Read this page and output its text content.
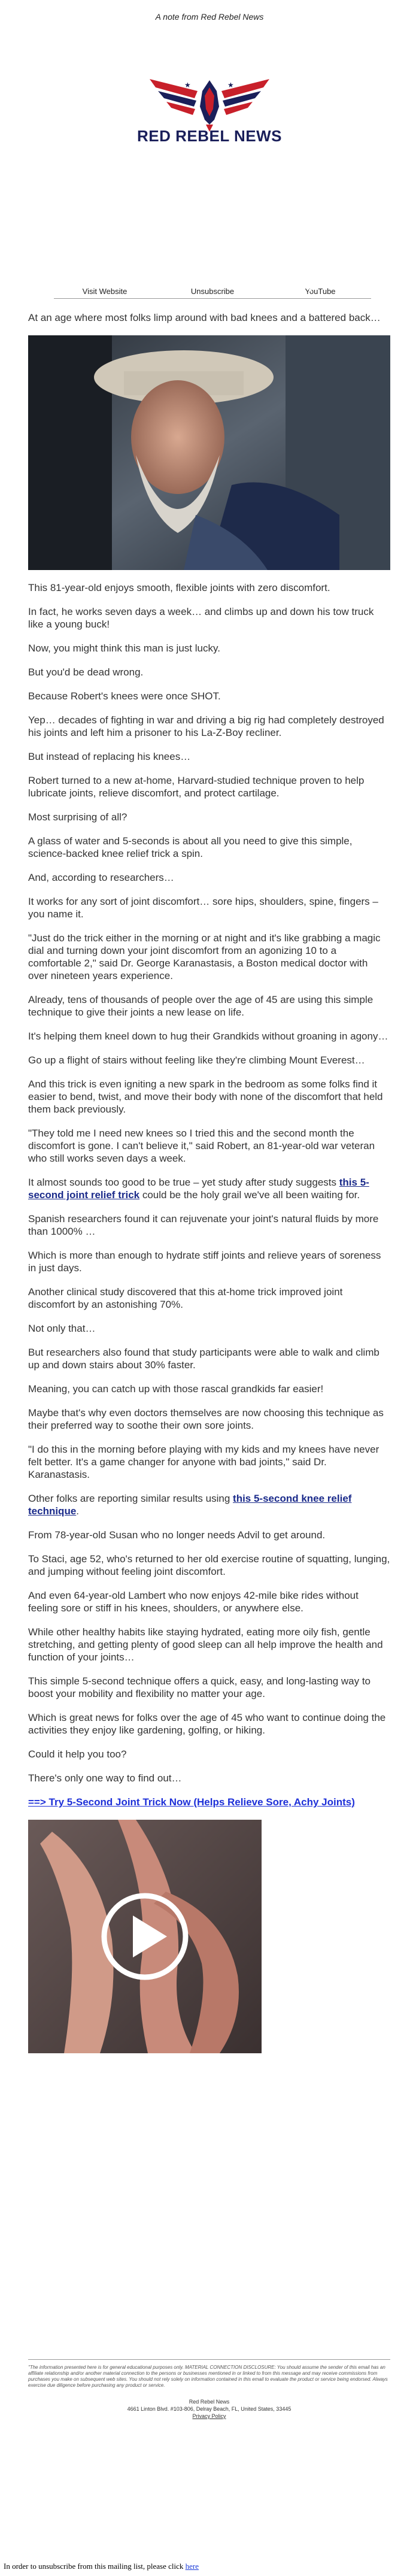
A note from Red Rebel News
★	★
RED REBEL NEWS
Visit Website	Unsubscribe	YouTube

At an age where most folks limp around with bad knees and a battered back…

This 81-year-old enjoys smooth, flexible joints with zero discomfort.

In fact, he works seven days a week… and climbs up and down his tow truck like a young buck!

Now, you might think this man is just lucky.

But you'd be dead wrong.

Because Robert's knees were once SHOT.

Yep… decades of fighting in war and driving a big rig had completely destroyed his joints and left him a prisoner to his La-Z-Boy recliner.

But instead of replacing his knees…

Robert turned to a new at-home, Harvard-studied technique proven to help lubricate joints, relieve discomfort, and protect cartilage.

Most surprising of all?

A glass of water and 5-seconds is about all you need to give this simple, science-backed knee relief trick a spin.

And, according to researchers…

It works for any sort of joint discomfort… sore hips, shoulders, spine, fingers – you name it.

"Just do the trick either in the morning or at night and it's like grabbing a magic dial and turning down your joint discomfort from an agonizing 10 to a comfortable 2," said Dr. George Karanastasis, a Boston medical doctor with over nineteen years experience.

Already, tens of thousands of people over the age of 45 are using this simple technique to give their joints a new lease on life.

It's helping them kneel down to hug their Grandkids without groaning in agony…

Go up a flight of stairs without feeling like they're climbing Mount Everest…

And this trick is even igniting a new spark in the bedroom as some folks find it easier to bend, twist, and move their body with none of the discomfort that held them back previously.

"They told me I need new knees so I tried this and the second month the discomfort is gone. I can't believe it," said Robert, an 81-year-old war veteran who still works seven days a week.

It almost sounds too good to be true – yet study after study suggests this 5-second joint relief trick could be the holy grail we've all been waiting for.

Spanish researchers found it can rejuvenate your joint's natural fluids by more than 1000% …

Which is more than enough to hydrate stiff joints and relieve years of soreness in just days.

Another clinical study discovered that this at-home trick improved joint discomfort by an astonishing 70%.

Not only that…

But researchers also found that study participants were able to walk and climb up and down stairs about 30% faster.

Meaning, you can catch up with those rascal grandkids far easier!

Maybe that's why even doctors themselves are now choosing this technique as their preferred way to soothe their own sore joints.

"I do this in the morning before playing with my kids and my knees have never felt better. It's a game changer for anyone with bad joints," said Dr. Karanastasis.

Other folks are reporting similar results using this 5-second knee relief technique.

From 78-year-old Susan who no longer needs Advil to get around.

To Staci, age 52, who's returned to her old exercise routine of squatting, lunging, and jumping without feeling joint discomfort.

And even 64-year-old Lambert who now enjoys 42-mile bike rides without feeling sore or stiff in his knees, shoulders, or anywhere else.

While other healthy habits like staying hydrated, eating more oily fish, gentle stretching, and getting plenty of good sleep can all help improve the health and function of your joints…

This simple 5-second technique offers a quick, easy, and long-lasting way to boost your mobility and flexibility no matter your age.

Which is great news for folks over the age of 45 who want to continue doing the activities they enjoy like gardening, golfing, or hiking.

Could it help you too?

There's only one way to find out…

==> Try 5-Second Joint Trick Now (Helps Relieve Sore, Achy Joints)

"The information presented here is for general educational purposes only. MATERIAL CONNECTION DISCLOSURE: You should assume the sender of this email has an affiliate relationship and/or another material connection to the persons or businesses mentioned in or linked to from this message and may receive commissions from purchases you make on subsequent web sites. You should not rely solely on information contained in this email to evaluate the product or service being endorsed. Always exercise due diligence before purchasing any product or service.

Red Rebel News
4661 Linton Blvd. #103-806, Delray Beach, FL, United States, 33445
Privacy Policy
In order to unsubscribe from this mailing list, please click here
